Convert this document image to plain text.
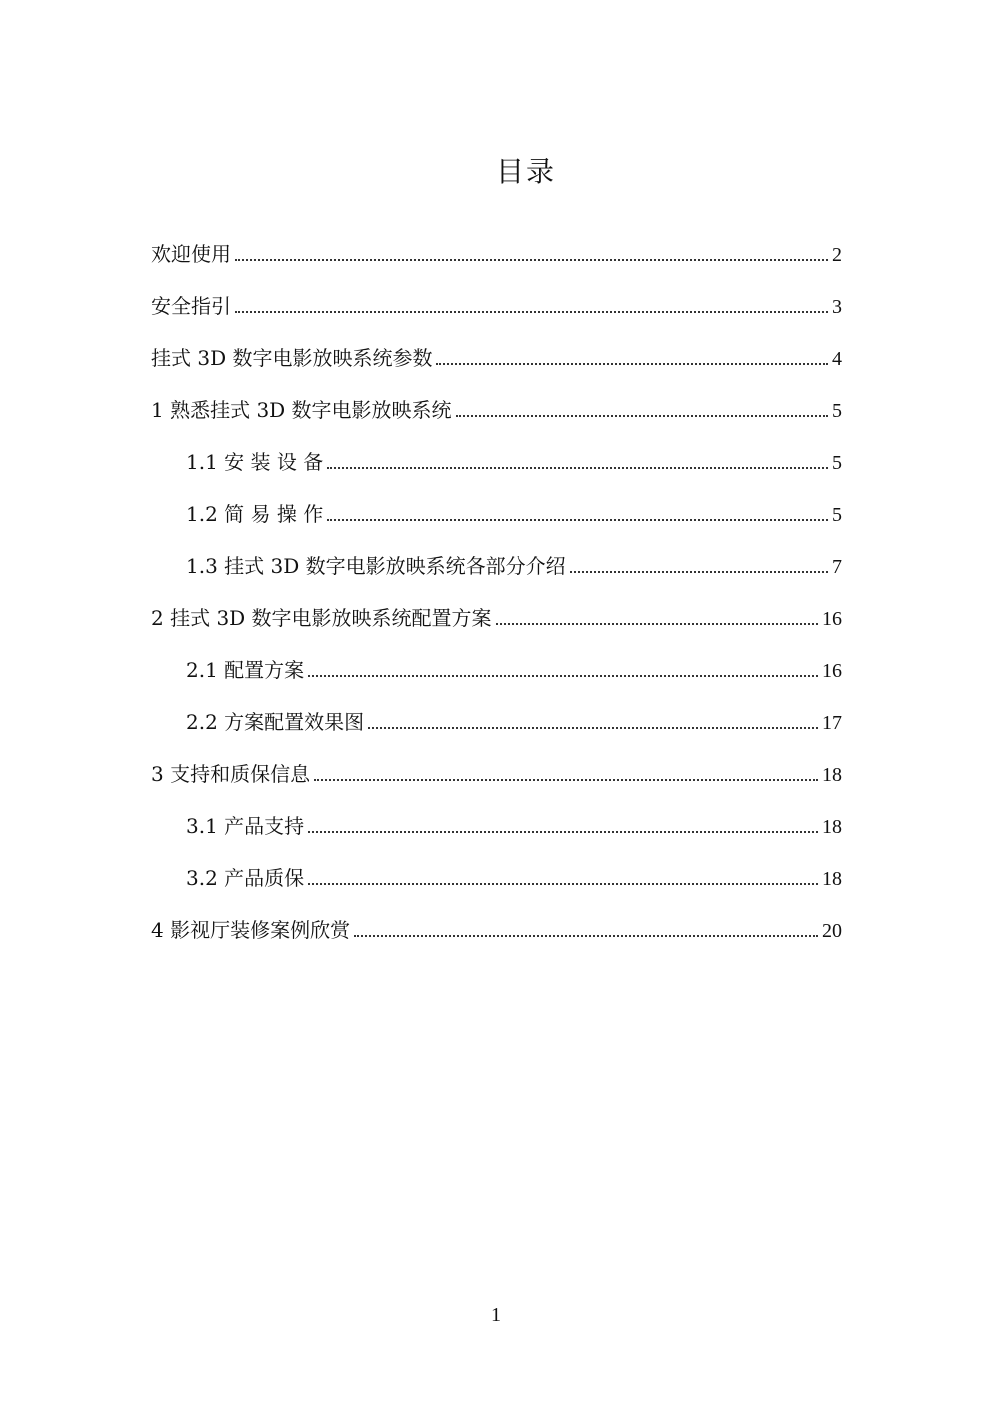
目录
欢迎使用	2
安全指引	3
挂式 3D 数字电影放映系统参数	4
1 熟悉挂式 3D 数字电影放映系统	5
1.1 安 装 设 备	5
1.2 简 易 操 作	5
1.3 挂式 3D 数字电影放映系统各部分介绍	7
2 挂式 3D 数字电影放映系统配置方案	16
2.1 配置方案	16
2.2 方案配置效果图	17
3 支持和质保信息	18
3.1 产品支持	18
3.2 产品质保	18
4 影视厅装修案例欣赏	20
1
